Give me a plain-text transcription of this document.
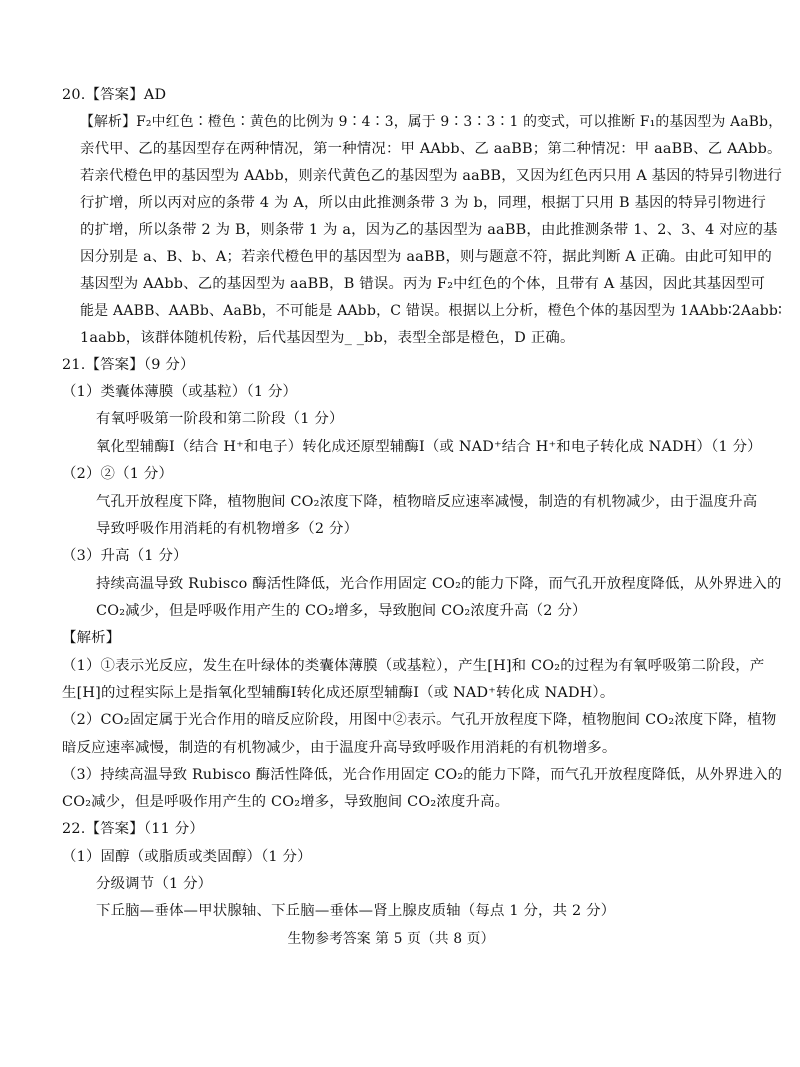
20.【答案】AD
【解析】F₂中红色∶橙色∶黄色的比例为 9∶4∶3，属于 9∶3∶3∶1 的变式，可以推断 F₁的基因型为 AaBb，
亲代甲、乙的基因型存在两种情况，第一种情况：甲 AAbb、乙 aaBB；第二种情况：甲 aaBB、乙 AAbb。
若亲代橙色甲的基因型为 AAbb，则亲代黄色乙的基因型为 aaBB，又因为红色丙只用 A 基因的特异引物进行
行扩增，所以丙对应的条带 4 为 A，所以由此推测条带 3 为 b，同理，根据丁只用 B 基因的特异引物进行
的扩增，所以条带 2 为 B，则条带 1 为 a，因为乙的基因型为 aaBB，由此推测条带 1、2、3、4 对应的基
因分别是 a、B、b、A；若亲代橙色甲的基因型为 aaBB，则与题意不符，据此判断 A 正确。由此可知甲的
基因型为 AAbb、乙的基因型为 aaBB，B 错误。丙为 F₂中红色的个体，且带有 A 基因，因此其基因型可
能是 AABB、AABb、AaBb，不可能是 AAbb，C 错误。根据以上分析，橙色个体的基因型为 1AAbb∶2Aabb∶
1aabb，该群体随机传粉，后代基因型为_ _bb，表型全部是橙色，D 正确。
21.【答案】（9 分）
（1）类囊体薄膜（或基粒）（1 分）
有氧呼吸第一阶段和第二阶段（1 分）
氧化型辅酶Ⅰ（结合 H⁺和电子）转化成还原型辅酶Ⅰ（或 NAD⁺结合 H⁺和电子转化成 NADH）（1 分）
（2）②（1 分）
气孔开放程度下降，植物胞间 CO₂浓度下降，植物暗反应速率减慢，制造的有机物减少，由于温度升高
导致呼吸作用消耗的有机物增多（2 分）
（3）升高（1 分）
持续高温导致 Rubisco 酶活性降低，光合作用固定 CO₂的能力下降，而气孔开放程度降低，从外界进入的
CO₂减少，但是呼吸作用产生的 CO₂增多，导致胞间 CO₂浓度升高（2 分）
【解析】
（1）①表示光反应，发生在叶绿体的类囊体薄膜（或基粒），产生[H]和 CO₂的过程为有氧呼吸第二阶段，产
生[H]的过程实际上是指氧化型辅酶Ⅰ转化成还原型辅酶Ⅰ（或 NAD⁺转化成 NADH）。
（2）CO₂固定属于光合作用的暗反应阶段，用图中②表示。气孔开放程度下降，植物胞间 CO₂浓度下降，植物
暗反应速率减慢，制造的有机物减少，由于温度升高导致呼吸作用消耗的有机物增多。
（3）持续高温导致 Rubisco 酶活性降低，光合作用固定 CO₂的能力下降，而气孔开放程度降低，从外界进入的
CO₂减少，但是呼吸作用产生的 CO₂增多，导致胞间 CO₂浓度升高。
22.【答案】（11 分）
（1）固醇（或脂质或类固醇）（1 分）
分级调节（1 分）
下丘脑—垂体—甲状腺轴、下丘脑—垂体—肾上腺皮质轴（每点 1 分，共 2 分）
生物参考答案 第 5 页（共 8 页）
